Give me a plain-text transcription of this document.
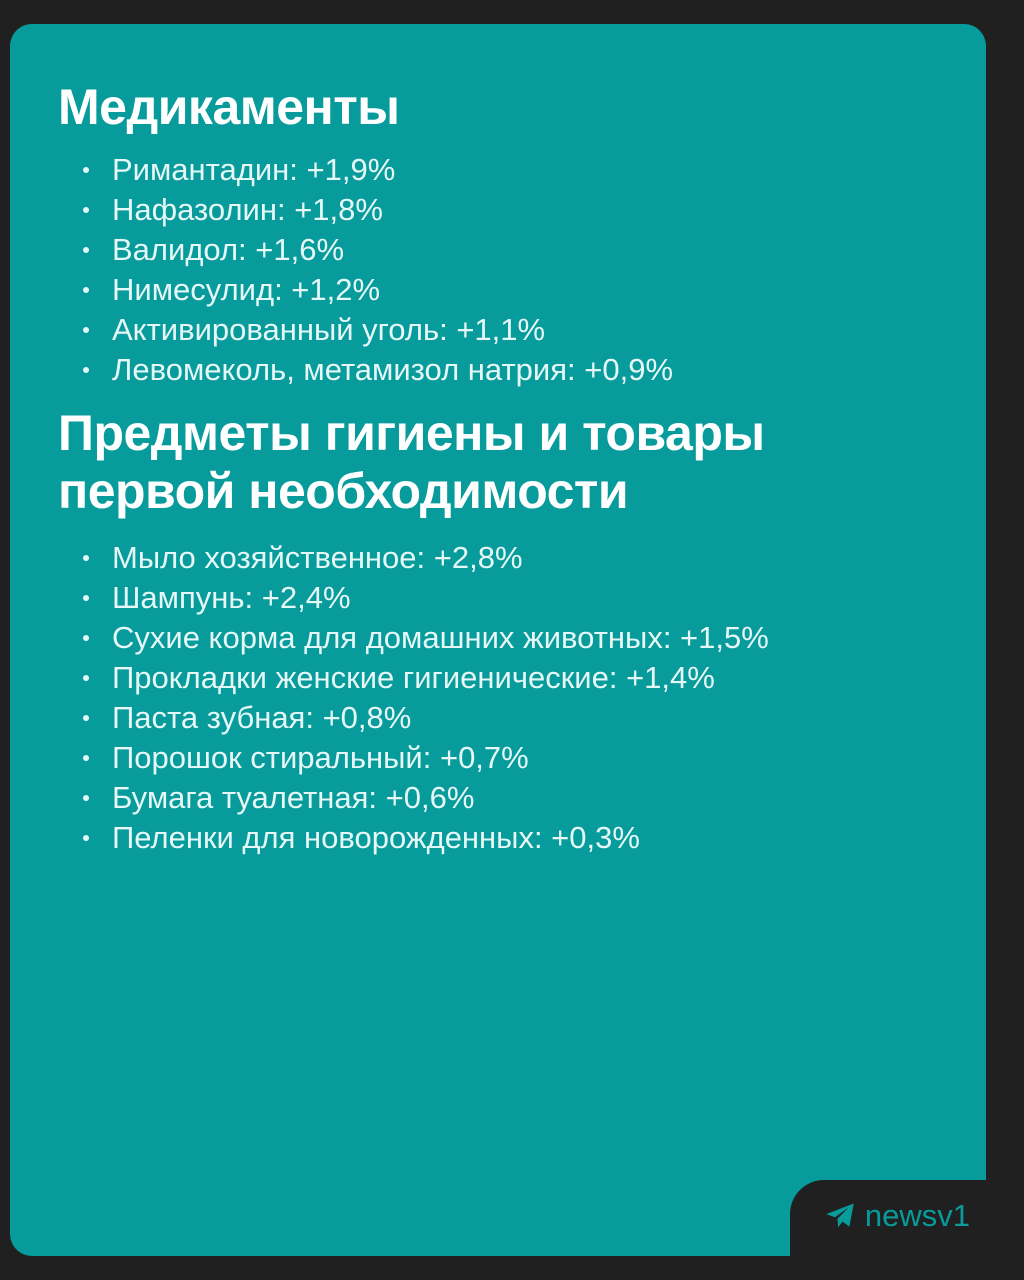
Медикаменты
Римантадин: +1,9%
Нафазолин: +1,8%
Валидол: +1,6%
Нимесулид: +1,2%
Активированный уголь: +1,1%
Левомеколь, метамизол натрия: +0,9%
Предметы гигиены и товары
первой необходимости
Мыло хозяйственное: +2,8%
Шампунь: +2,4%
Сухие корма для домашних животных: +1,5%
Прокладки женские гигиенические: +1,4%
Паста зубная: +0,8%
Порошок стиральный: +0,7%
Бумага туалетная: +0,6%
Пеленки для новорожденных: +0,3%
newsv1
